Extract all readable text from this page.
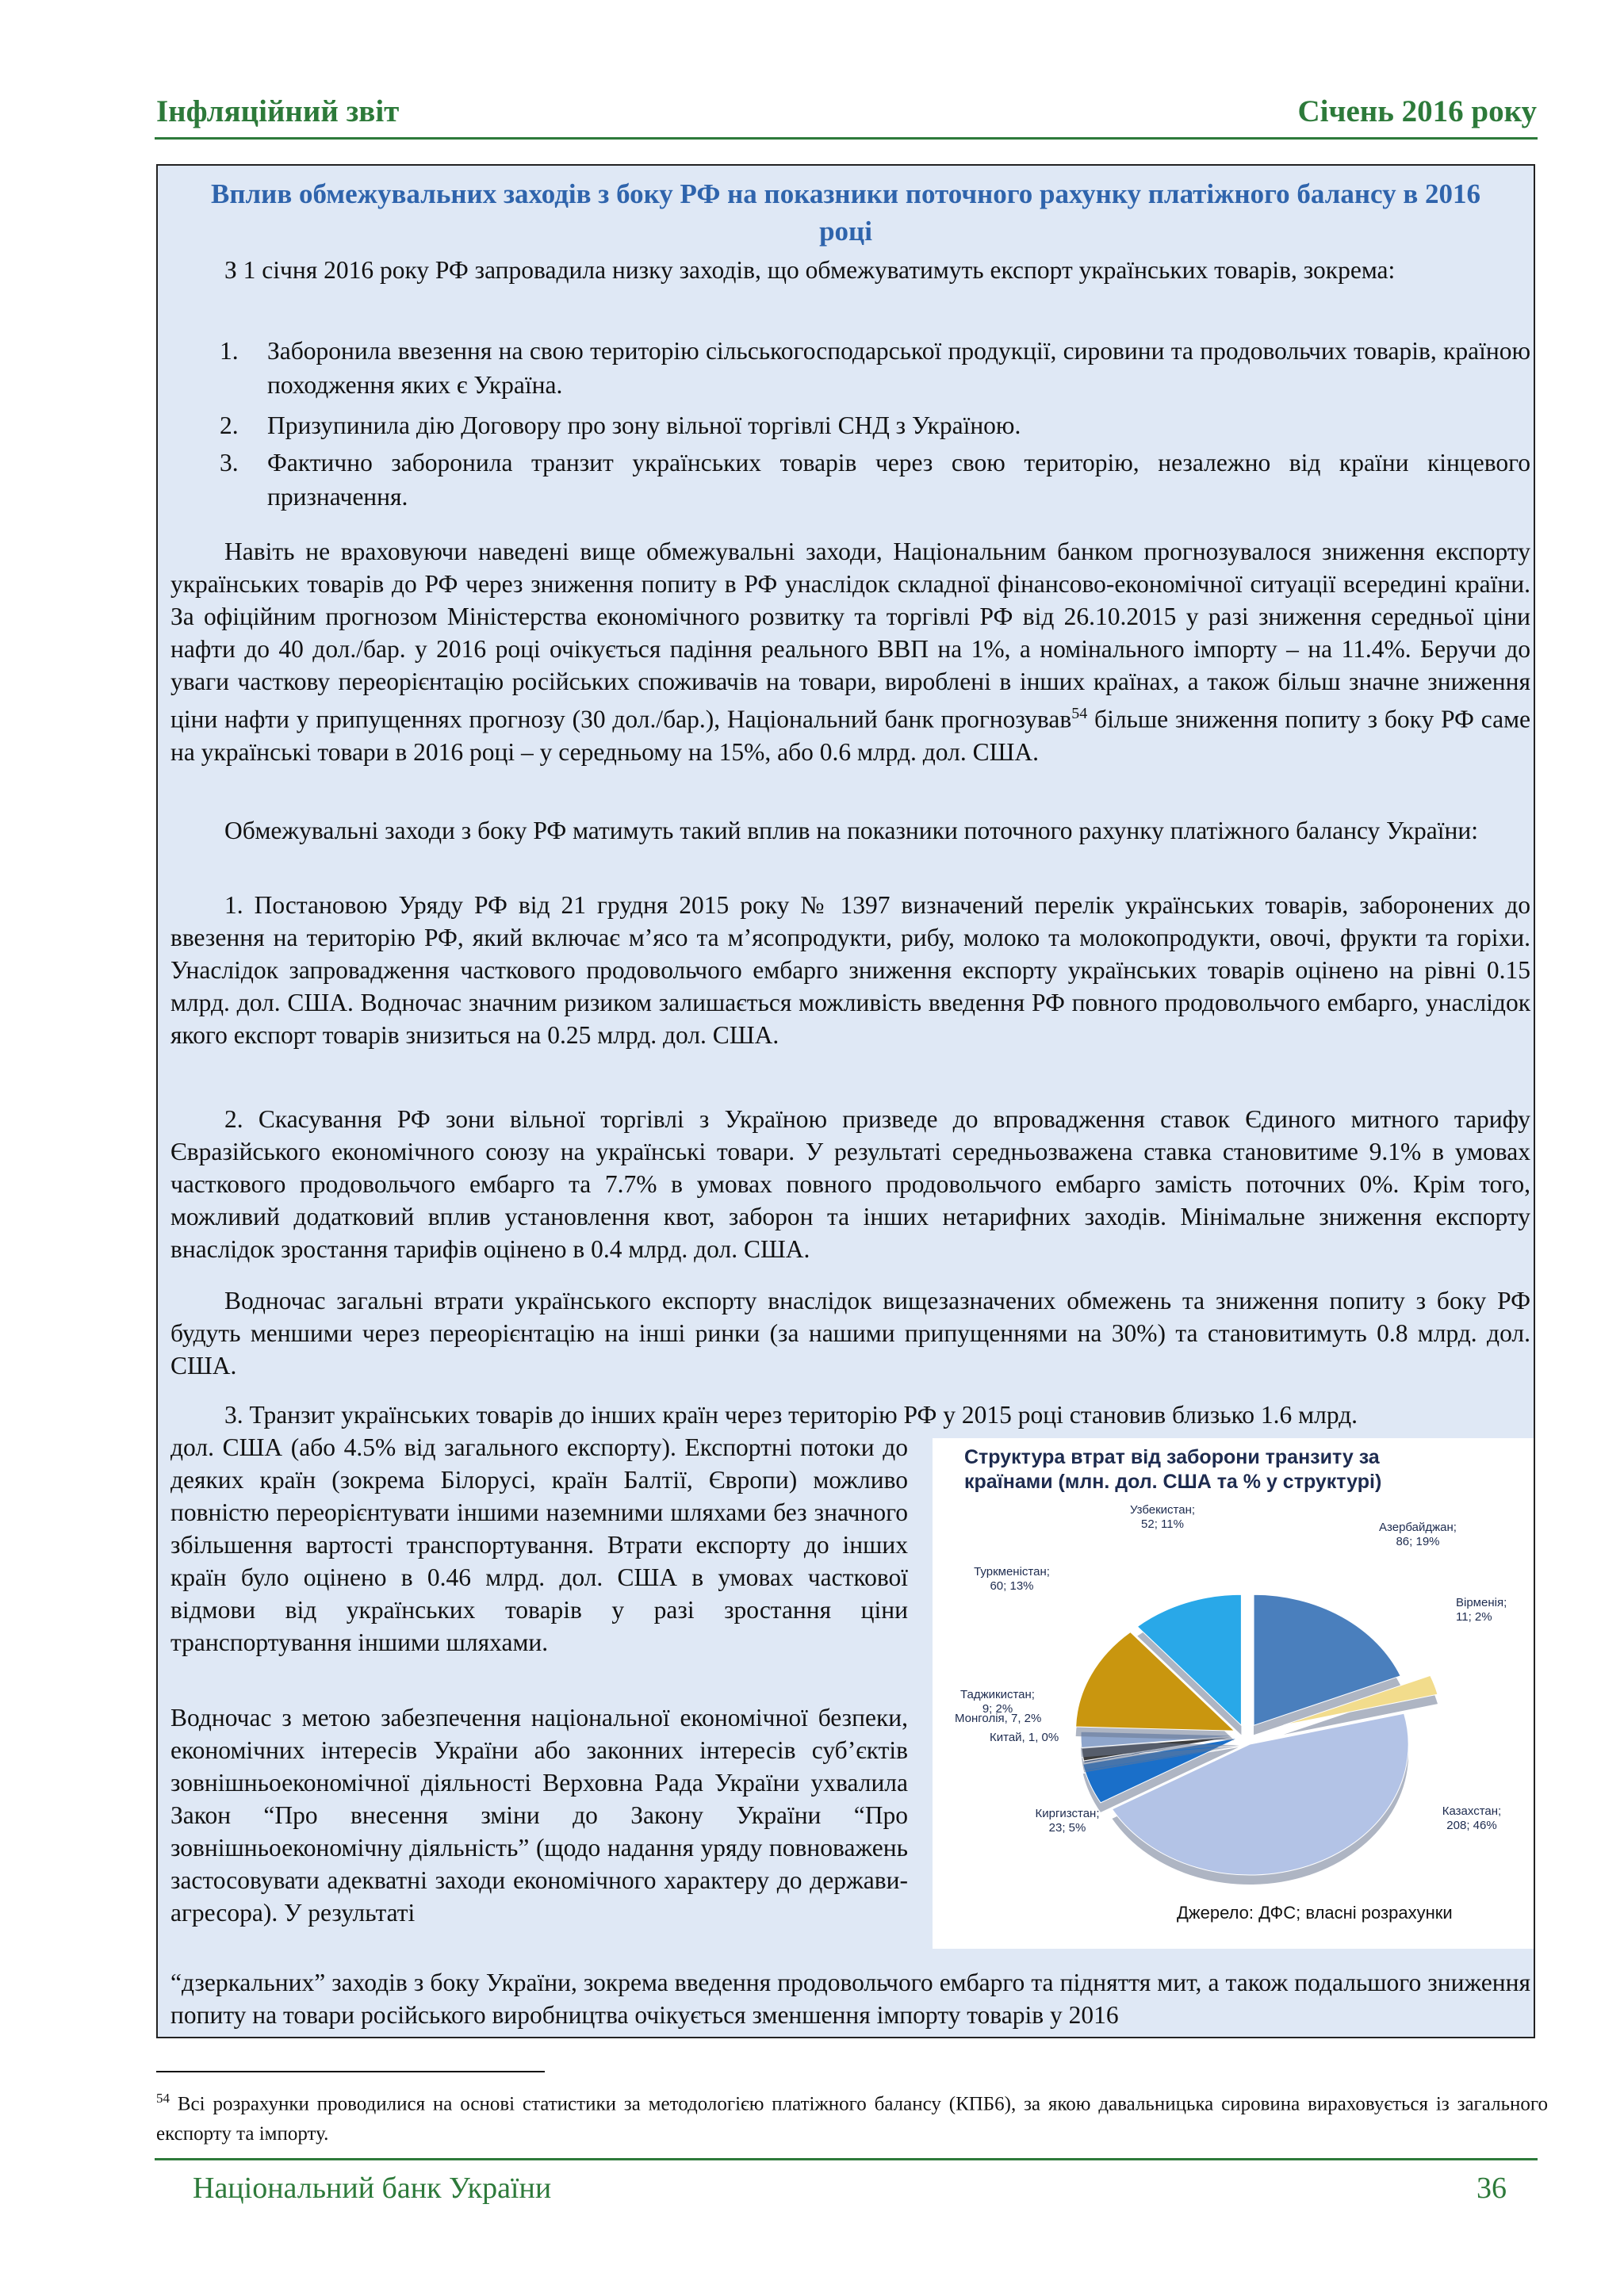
Інфляційний звіт	Січень 2016 року
Вплив обмежувальних заходів з боку РФ на показники поточного рахунку платіжного балансу в 2016 році

З 1 січня 2016 року РФ запровадила низку заходів, що обмежуватимуть експорт українських товарів, зокрема:

1. Заборонила ввезення на свою територію сільськогосподарської продукції, сировини та продовольчих товарів, країною походження яких є Україна.
2. Призупинила дію Договору про зону вільної торгівлі СНД з Україною.
3. Фактично заборонила транзит українських товарів через свою територію, незалежно від країни кінцевого призначення.

Навіть не враховуючи наведені вище обмежувальні заходи, Національним банком прогнозувалося зниження експорту українських товарів до РФ через зниження попиту в РФ унаслідок складної фінансово-економічної ситуації всередині країни. За офіційним прогнозом Міністерства економічного розвитку та торгівлі РФ від 26.10.2015 у разі зниження середньої ціни нафти до 40 дол./бар. у 2016 році очікується падіння реального ВВП на 1%, а номінального імпорту – на 11.4%. Беручи до уваги часткову переорієнтацію російських споживачів на товари, вироблені в інших країнах, а також більш значне зниження ціни нафти у припущеннях прогнозу (30 дол./бар.), Національний банк прогнозував$^{54}$ більше зниження попиту з боку РФ саме на українські товари в 2016 році – у середньому на 15%, або 0.6 млрд. дол. США.

Обмежувальні заходи з боку РФ матимуть такий вплив на показники поточного рахунку платіжного балансу України:

1. Постановою Уряду РФ від 21 грудня 2015 року № 1397 визначений перелік українських товарів, заборонених до ввезення на територію РФ, який включає м’ясо та м’ясопродукти, рибу, молоко та молокопродукти, овочі, фрукти та горіхи. Унаслідок запровадження часткового продовольчого ембарго зниження експорту українських товарів оцінено на рівні 0.15 млрд. дол. США. Водночас значним ризиком залишається можливість введення РФ повного продовольчого ембарго, унаслідок якого експорт товарів знизиться на 0.25 млрд. дол. США.

2. Скасування РФ зони вільної торгівлі з Україною призведе до впровадження ставок Єдиного митного тарифу Євразійського економічного союзу на українські товари. У результаті середньозважена ставка становитиме 9.1% в умовах часткового продовольчого ембарго та 7.7% в умовах повного продовольчого ембарго замість поточних 0%. Крім того, можливий додатковий вплив установлення квот, заборон та інших нетарифних заходів. Мінімальне зниження експорту внаслідок зростання тарифів оцінено в 0.4 млрд. дол. США.

Водночас загальні втрати українського експорту внаслідок вищезазначених обмежень та зниження попиту з боку РФ будуть меншими через переорієнтацію на інші ринки (за нашими припущеннями на 30%) та становитимуть 0.8 млрд. дол. США.

3. Транзит українських товарів до інших країн через територію РФ у 2015 році становив близько 1.6 млрд.

дол. США (або 4.5% від загального експорту). Експортні потоки до деяких країн (зокрема Білорусі, країн Балтії, Європи) можливо повністю переорієнтувати іншими наземними шляхами без значного збільшення вартості транспортування. Втрати експорту до інших країн було оцінено в 0.46 млрд. дол. США в умовах часткової відмови від українських товарів у разі зростання ціни транспортування іншими шляхами.

Водночас з метою забезпечення національної економічної безпеки, економічних інтересів України або законних інтересів суб’єктів зовнішньоекономічної діяльності Верховна Рада України ухвалила Закон “Про внесення зміни до Закону України “Про зовнішньоекономічну діяльність” (щодо надання уряду повноважень застосовувати адекватні заходи економічного характеру до держави-агресора). У результаті

“дзеркальних” заходів з боку України, зокрема введення продовольчого ембарго та підняття мит, а також подальшого зниження попиту на товари російського виробництва очікується зменшення імпорту товарів у 2016

Структура втрат від заборони транзиту за
країнами (млн. дол. США та % у структурі)
Азербайджан;
86; 19%
Вірменія;
11; 2%
Казахстан;
208; 46%
Киргизстан;
23; 5%
Китай, 1, 0%
Монголія, 7, 2%
Таджикистан;
9; 2%
Туркменістан;
60; 13%
Узбекистан;
52; 11%
Джерело: ДФС; власні розрахунки

$^{54}$ Всі розрахунки проводилися на основі статистики за методологією платіжного балансу (КПБ6), за якою давальницька сировина вираховується із загального експорту та імпорту.

Національний банк України	36
